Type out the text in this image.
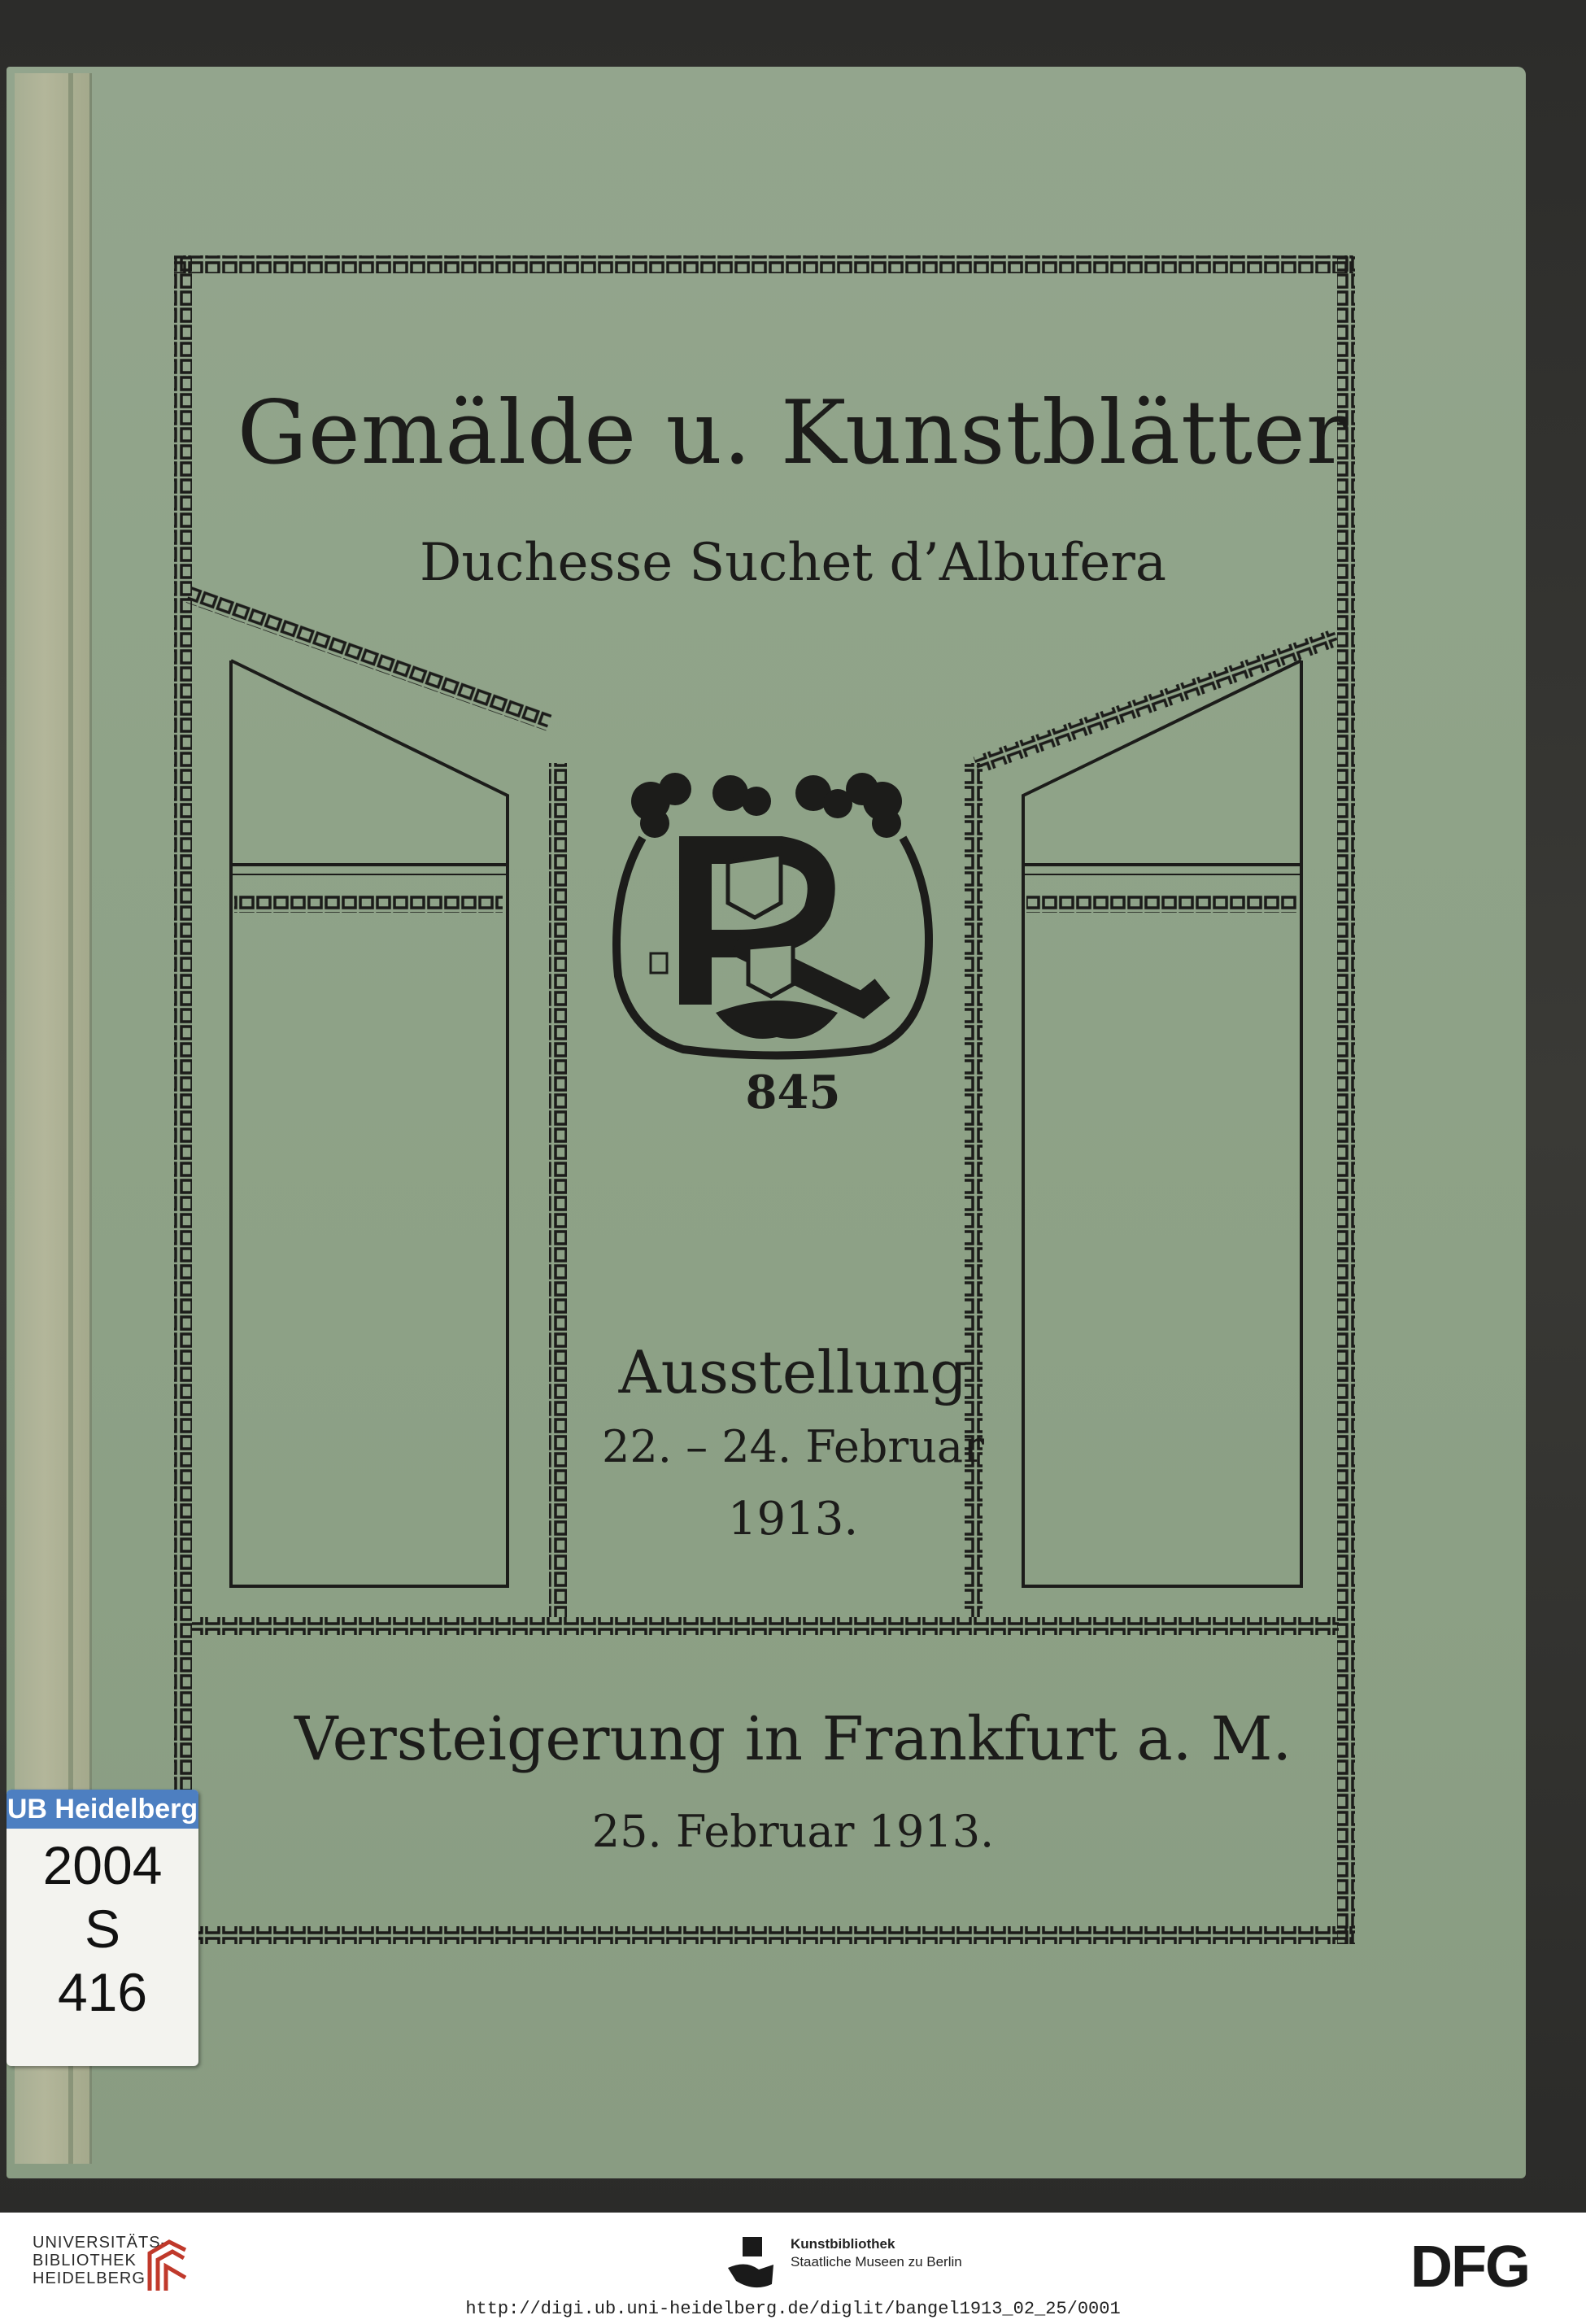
Gemälde u. Kunstblätter
Duchesse Suchet d’Albufera
845
Ausstellung
22. – 24. Februar
1913.
Versteigerung in Frankfurt a. M.
25. Februar 1913.
UB Heidelberg
2004
S
416
UNIVERSITÄTS-
BIBLIOTHEK
HEIDELBERG
Kunstbibliothek
Staatliche Museen zu Berlin	DFG
http://digi.ub.uni-heidelberg.de/diglit/bangel1913_02_25/0001
